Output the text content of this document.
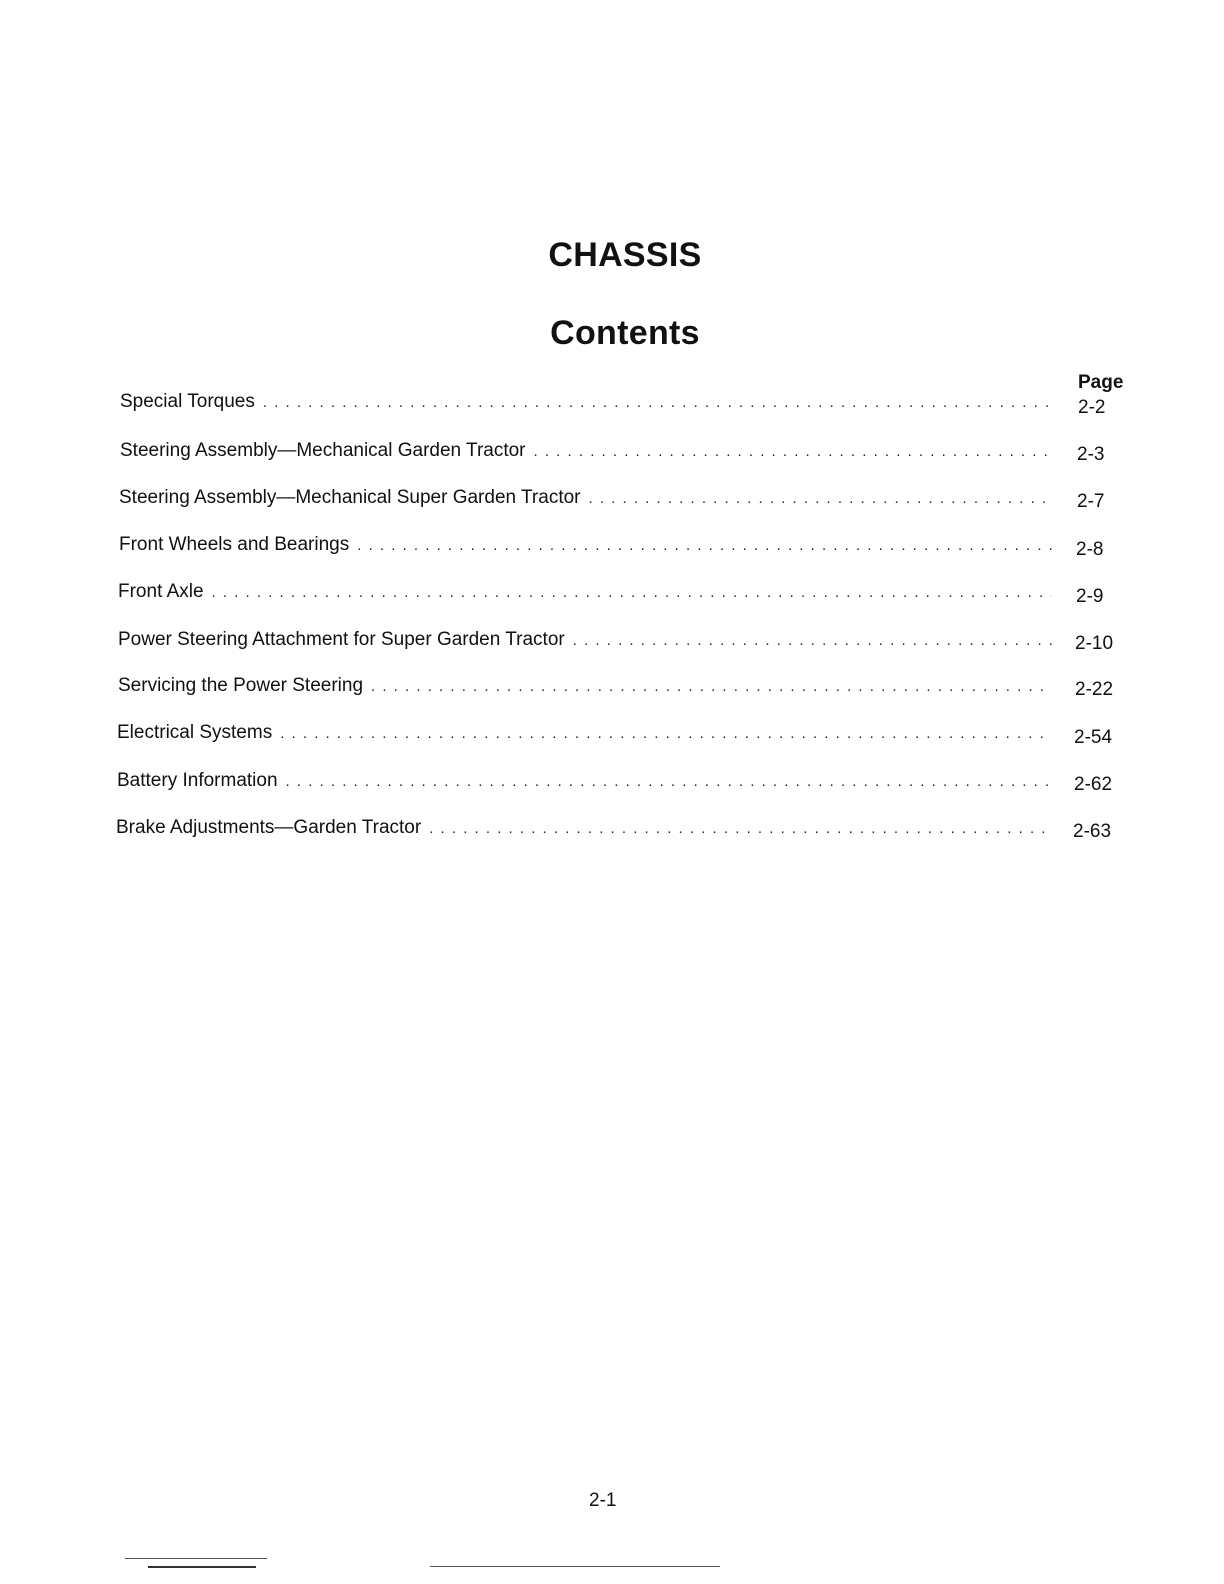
CHASSIS
Contents
Page
Special Torques . . .	2-2
Steering Assembly—Mechanical Garden Tractor . . .	2-3
Steering Assembly—Mechanical Super Garden Tractor . . .	2-7
Front Wheels and Bearings . . .	2-8
Front Axle . . .	2-9
Power Steering Attachment for Super Garden Tractor . . .	2-10
Servicing the Power Steering . . .	2-22
Electrical Systems . . .	2-54
Battery Information . . .	2-62
Brake Adjustments—Garden Tractor . . .	2-63
2-1
